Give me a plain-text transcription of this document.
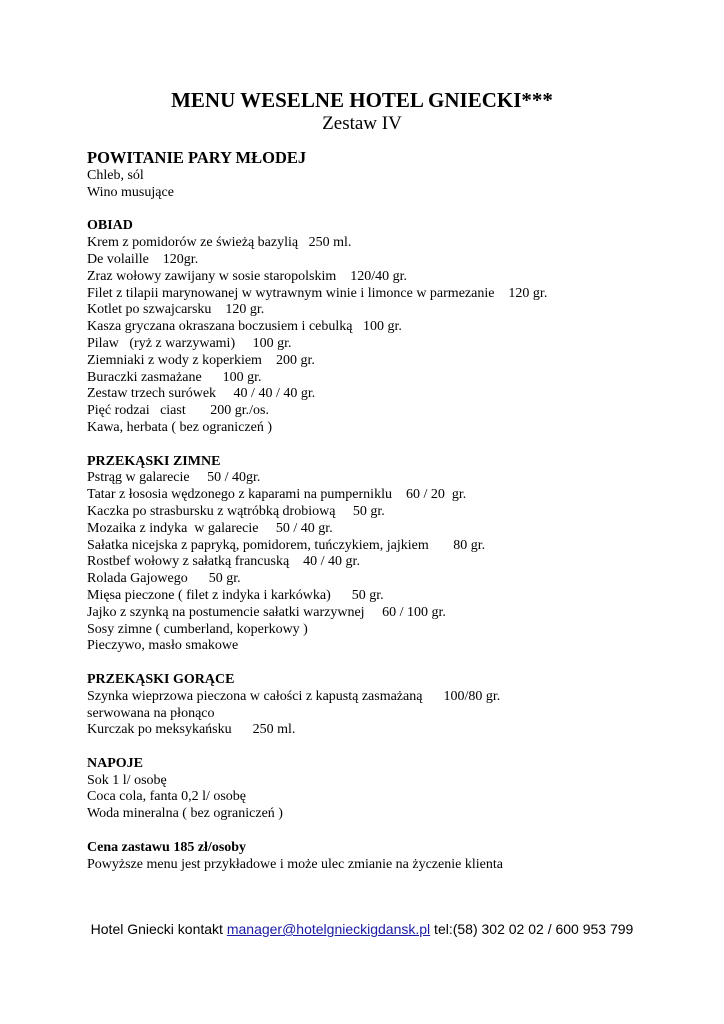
MENU WESELNE HOTEL GNIECKI***
Zestaw IV
POWITANIE PARY MŁODEJ
Chleb, sól
Wino musujące
OBIAD
Krem z pomidorów ze świeżą bazylią   250 ml.
De volaille    120gr.
Zraz wołowy zawijany w sosie staropolskim    120/40 gr.
Filet z tilapii marynowanej w wytrawnym winie i limonce w parmezanie    120 gr.
Kotlet po szwajcarsku    120 gr.
Kasza gryczana okraszana boczusiem i cebulką   100 gr.
Pilaw   (ryż z warzywami)     100 gr.
Ziemniaki z wody z koperkiem    200 gr.
Buraczki zasmażane      100 gr.
Zestaw trzech surówek     40 / 40 / 40 gr.
Pięć rodzai   ciast       200 gr./os.
Kawa, herbata ( bez ograniczeń )
PRZEKĄSKI ZIMNE
Pstrąg w galarecie     50 / 40gr.
Tatar z łososia wędzonego z kaparami na pumperniklu    60 / 20  gr.
Kaczka po strasbursku z wątróbką drobiową     50 gr.
Mozaika z indyka  w galarecie     50 / 40 gr.
Sałatka nicejska z papryką, pomidorem, tuńczykiem, jajkiem       80 gr.
Rostbef wołowy z sałatką francuską    40 / 40 gr.
Rolada Gajowego      50 gr.
Mięsa pieczone ( filet z indyka i karkówka)      50 gr.
Jajko z szynką na postumencie sałatki warzywnej     60 / 100 gr.
Sosy zimne ( cumberland, koperkowy )
Pieczywo, masło smakowe
PRZEKĄSKI GORĄCE
Szynka wieprzowa pieczona w całości z kapustą zasmażaną      100/80 gr.
serwowana na płonąco
Kurczak po meksykańsku      250 ml.
NAPOJE
Sok 1 l/ osobę
Coca cola, fanta 0,2 l/ osobę
Woda mineralna ( bez ograniczeń )
Cena zastawu 185 zł/osoby
Powyższe menu jest przykładowe i może ulec zmianie na życzenie klienta
Hotel Gniecki kontakt manager@hotelgnieckigdansk.pl tel:(58) 302 02 02 / 600 953 799
